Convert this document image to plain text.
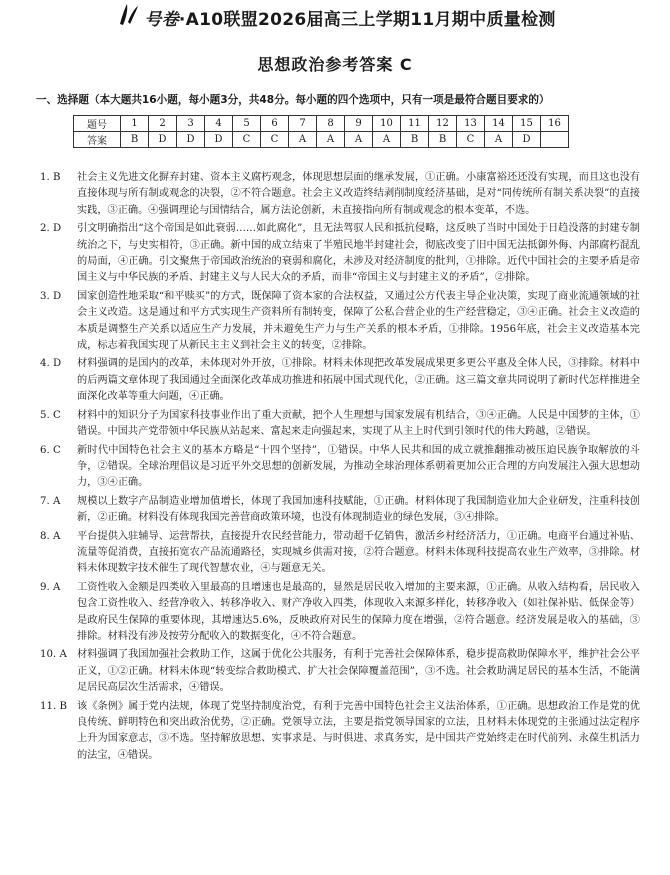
号卷·A10联盟2026届高三上学期11月期中质量检测
思想政治参考答案 C
一、选择题（本大题共16小题，每小题3分，共48分。每小题的四个选项中，只有一项是最符合题目要求的）
题号	1	2	3	4	5	6	7	8	9	10	11	12	13	14	15	16
答案	B	D	D	D	C	C	A	A	A	A	B	B	C	A	D	
1. B	社会主义先进文化摒弃封建、资本主义腐朽观念，体现思想层面的继承发展，①正确。小康富裕还还没有实现，而且这也没有直接体现与所有制或观念的决裂，②不符合题意。社会主义改造终结剥削制度经济基础，是对“同传统所有制关系决裂”的直接实践，③正确。④强调理论与国情结合，属方法论创新，未直接指向所有制或观念的根本变革，不选。
2. D	引文明确指出“这个帝国是如此衰弱……如此腐化”，且无法驾驭人民和抵抗侵略，这反映了当时中国处于日趋没落的封建专制统治之下，与史实相符，③正确。新中国的成立结束了半殖民地半封建社会，彻底改变了旧中国无法抵御外侮、内部腐朽混乱的局面，④正确。引文聚焦于帝国政治统治的衰弱和腐化，未涉及对经济制度的批判，①排除。近代中国社会的主要矛盾是帝国主义与中华民族的矛盾、封建主义与人民大众的矛盾，而非“帝国主义与封建主义的矛盾”，②排除。
3. D	国家创造性地采取“和平赎买”的方式，既保障了资本家的合法权益，又通过公方代表主导企业决策，实现了商业流通领域的社会主义改造。这是通过和平方式实现生产资料所有制转变，保障了公私合营企业的生产经营稳定，③④正确。社会主义改造的本质是调整生产关系以适应生产力发展，并未避免生产力与生产关系的根本矛盾，①排除。1956年底，社会主义改造基本完成，标志着我国实现了从新民主主义到社会主义的转变，②排除。
4. D	材料强调的是国内的改革，未体现对外开放，①排除。材料未体现把改革发展成果更多更公平惠及全体人民，③排除。材料中的后两篇文章体现了我国通过全面深化改革成功推进和拓展中国式现代化，②正确。这三篇文章共同说明了新时代怎样推进全面深化改革等重大问题，④正确。
5. C	材料中的知识分子为国家科技事业作出了重大贡献，把个人生理想与国家发展有机结合，③④正确。人民是中国梦的主体，①错误。中国共产党带领中华民族从站起来、富起来走向强起来，实现了从主上时代到引领时代的伟大跨越，②错误。
6. C	新时代中国特色社会主义的基本方略是“十四个坚持”，①错误。中华人民共和国的成立就推翻推动被压迫民族争取解放的斗争，②错误。全球治理倡议是习近平外交思想的创新发展，为推动全球治理体系朝着更加公正合理的方向发展注入强大思想动力，③④正确。
7. A	规模以上数字产品制造业增加值增长，体现了我国加速科技赋能，①正确。材料体现了我国制造业加大企业研发，注重科技创新，②正确。材料没有体现我国完善营商政策环境，也没有体现制造业的绿色发展，③④排除。
8. A	平台提供入驻辅导、运营帮扶，直接提升农民经营能力，带动超千亿销售，激活乡村经济活力，①正确。电商平台通过补贴、流量等促消费，直接拓宽农产品流通路径，实现城乡供需对接，②符合题意。材料未体现科技提高农业生产效率，③排除。材料未体现数字技术催生了现代智慧农业，④与题意无关。
9. A	工资性收入金额是四类收入里最高的且增速也是最高的，显然是居民收入增加的主要来源，①正确。从收入结构看，居民收入包含工资性收入、经营净收入、转移净收入、财产净收入四类，体现收入来源多样化，转移净收入（如社保补贴、低保金等）是政府民生保障的重要体现，其增速达5.6%，反映政府对民生的保障力度在增强，②符合题意。经济发展是收入的基础，③排除。材料没有涉及按劳分配收入的数据变化，④不符合题意。
10. A 材料强调了我国加强社会救助工作，这属于优化公共服务，有利于完善社会保障体系，稳步提高救助保障水平，维护社会公平正义，①②正确。材料未体现“转变综合救助模式、扩大社会保障覆盖范围”，③不选。社会救助满足居民的基本生活，不能满足居民高层次生活需求，④错误。
11. B 该《条例》属于党内法规，体现了党坚持制度治党，有利于完善中国特色社会主义法治体系，①正确。思想政治工作是党的优良传统、鲜明特色和突出政治优势，②正确。党领导立法，主要是指党领导国家的立法，且材料未体现党的主张通过法定程序上升为国家意志，③不选。坚持解放思想、实事求是、与时俱进、求真务实，是中国共产党始终走在时代前列、永葆生机活力的法宝，④错误。
